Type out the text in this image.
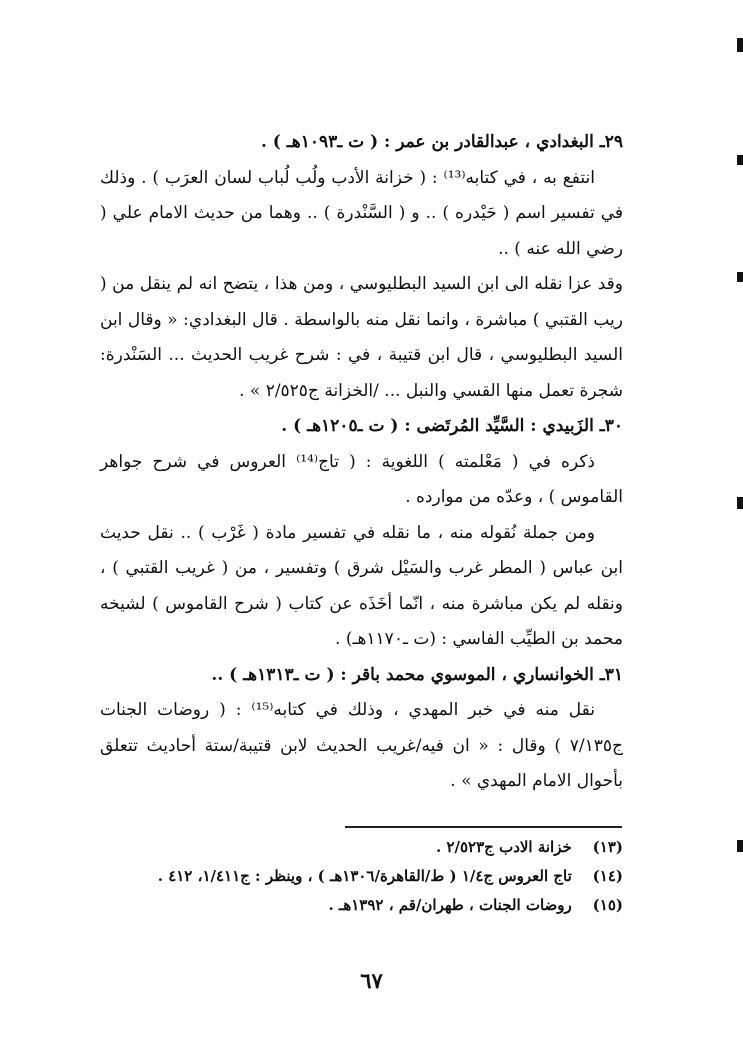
٢٩ـ البغدادي ، عبدالقادر بن عمر : ( ت ـ١٠٩٣هـ ) .

انتفع به ، في كتابه⁽¹³⁾ : ( خزانة الأدب ولُب لُباب لسان العرَب ) . وذلك في تفسير اسم ( حَيْدره ) .. و ( السَّنْدرة ) .. وهما من حديث الامام علي ( رضي الله عنه ) ..

وقد عزا نقله الى ابن السيد البطليوسي ، ومن هذا ، يتضح انه لم ينقل من ( ريب القتبي ) مباشرة ، وانما نقل منه بالواسطة . قال البغدادي: « وقال ابن السيد البطليوسي ، قال ابن قتيبة ، في : شرح غريب الحديث ... السَنْدرة: شجرة تعمل منها القسي والنبل ... /الخزانة ج٢/٥٢٥ » .

٣٠ـ الزَبيدي : السَّيِّد المُرتَضى : ( ت ـ١٢٠٥هـ ) .

ذكره في ( مَعْلمته ) اللغوية : ( تاج⁽¹⁴⁾ العروس في شرح جواهر القاموس ) ، وعدّه من موارده .

ومن جملة نُقوله منه ، ما نقله في تفسير مادة ( غَرْب ) .. نقل حديث ابن عباس ( المطر غرب والسَيْل شرق ) وتفسير ، من ( غريب القتبي ) ، ونقله لم يكن مباشرة منه ، انّما أخَذَه عن كتاب ( شرح القاموس ) لشيخه محمد بن الطيِّب الفاسي : (ت ـ١١٧٠هـ) .

٣١ـ الخوانساري ، الموسوي محمد باقر : ( ت ـ١٣١٣هـ ) ..

نقل منه في خبر المهدي ، وذلك في كتابه⁽¹⁵⁾ : ( روضات الجنات ج٧/١٣٥ ) وقال : « ان فيه/غريب الحديث لابن قتيبة/ستة أحاديث تتعلق بأحوال الامام المهدي » .

(١٣) خزانة الادب ج٢/٥٢٣ .

(١٤) تاج العروس ج١/٤ ( ط/القاهرة/١٣٠٦هـ ) ، وينظر : ج١/٤١١، ٤١٢ .

(١٥) روضات الجنات ، طهران/قم ، ١٣٩٢هـ .

٦٧
